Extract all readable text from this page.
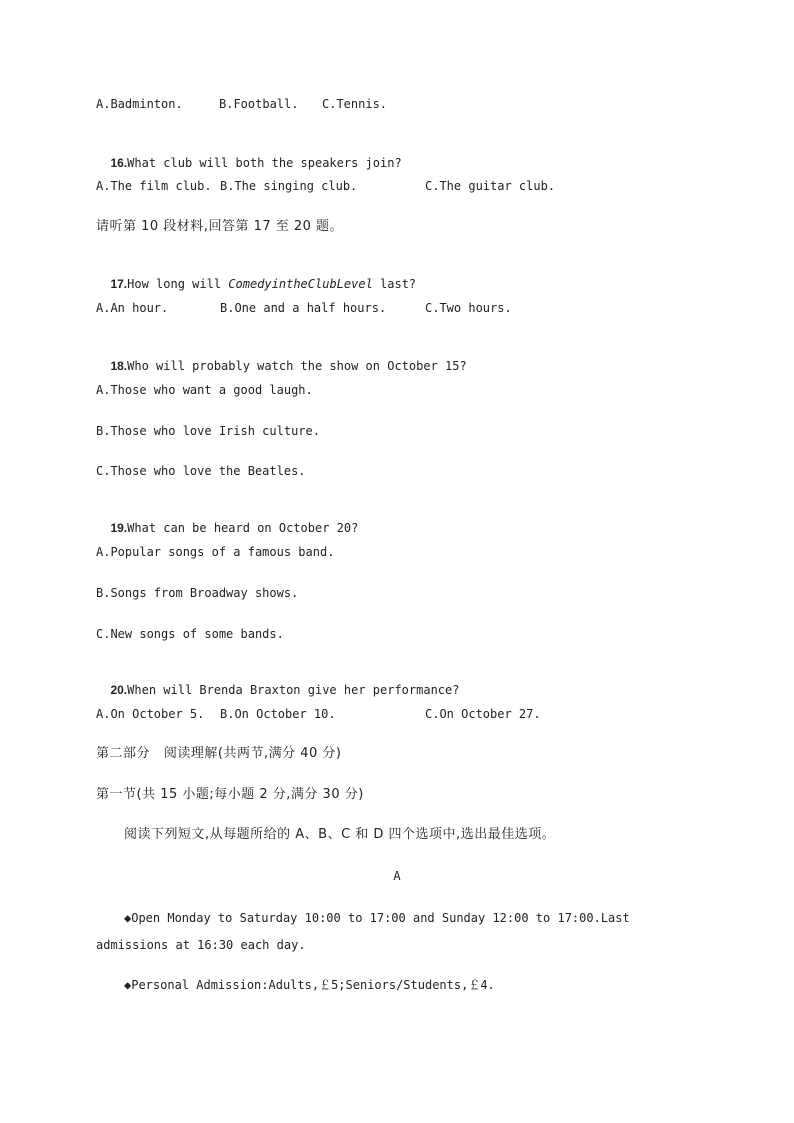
A.Badminton.	B.Football. C.Tennis.

16.What club will both the speakers join?

A.The film club. B.The singing club.	C.The guitar club.
请听第 10 段材料,回答第 17 至 20 题。

17.How long will ComedyintheClubLevel last?

A.An hour.	B.One and a half hours.	C.Two hours.

18.Who will probably watch the show on October 15?

A.Those who want a good laugh.
B.Those who love Irish culture.
C.Those who love the Beatles.

19.What can be heard on October 20?

A.Popular songs of a famous band.
B.Songs from Broadway shows.
C.New songs of some bands.

20.When will Brenda Braxton give her performance?

A.On October 5. B.On October 10.	C.On October 27.
第二部分   阅读理解(共两节,满分 40 分)
第一节(共 15 小题;每小题 2 分,满分 30 分)
阅读下列短文,从每题所给的 A、B、C 和 D 四个选项中,选出最佳选项。
A
◆Open Monday to Saturday 10:00 to 17:00 and Sunday 12:00 to 17:00.Last
admissions at 16:30 each day.
◆Personal Admission:Adults,￡5;Seniors/Students,￡4.
